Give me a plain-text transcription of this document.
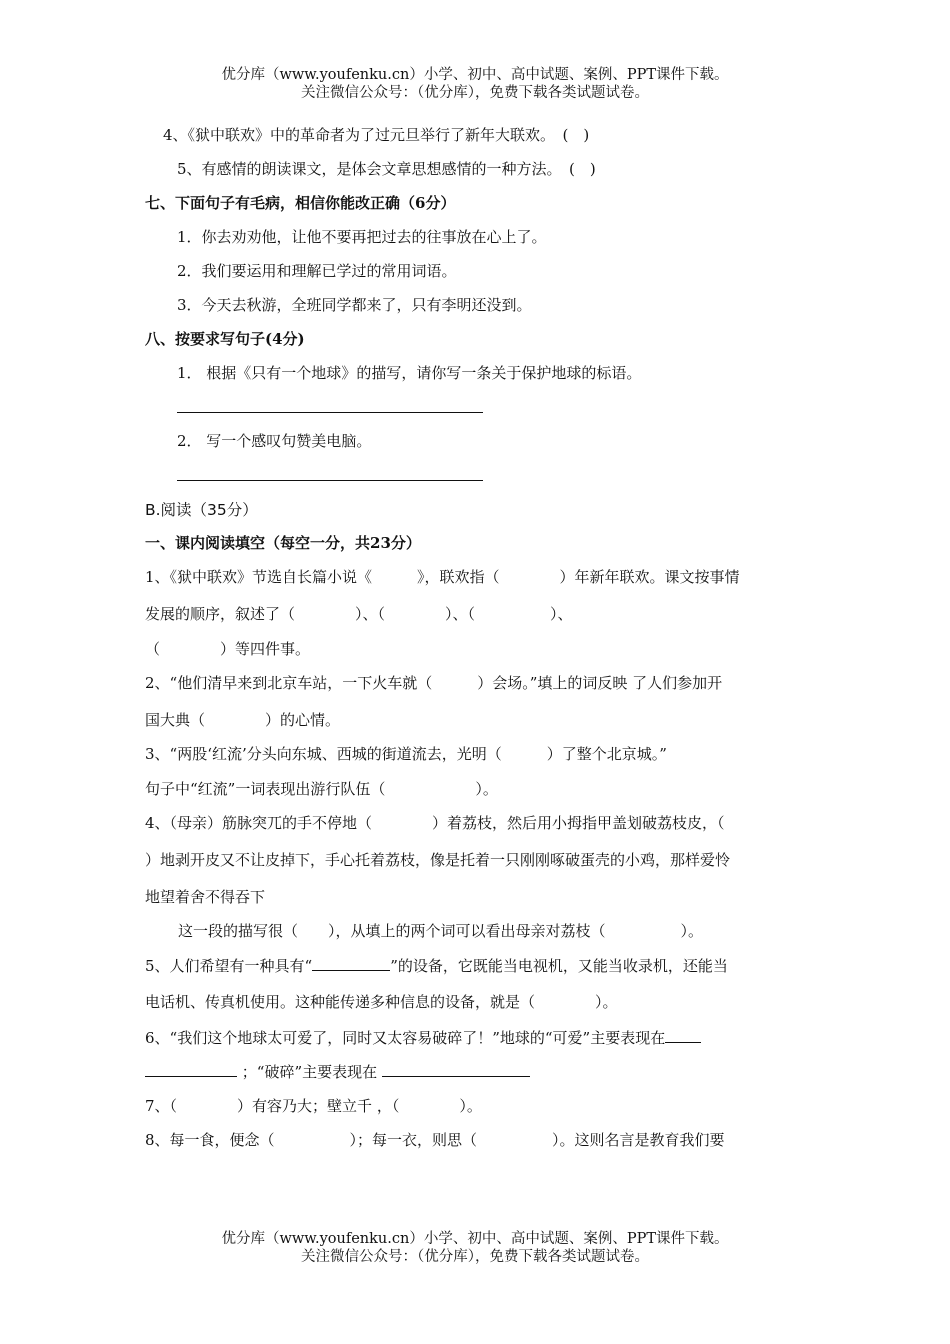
优分库（www.youfenku.cn）小学、初中、高中试题、案例、PPT课件下载。
关注微信公众号：（优分库），免费下载各类试题试卷。
4、《狱中联欢》中的革命者为了过元旦举行了新年大联欢。　(　)
5、有感情的朗读课文，是体会文章思想感情的一种方法。　(　)
七、下面句子有毛病，相信你能改正确（6分）
1．你去劝劝他，让他不要再把过去的往事放在心上了。
2．我们要运用和理解已学过的常用词语。
3．今天去秋游，全班同学都来了，只有李明还没到。
八、按要求写句子(4分)
1． 根据《只有一个地球》的描写，请你写一条关于保护地球的标语。
2． 写一个感叹句赞美电脑。
B.阅读（35分）
一、课内阅读填空（每空一分，共23分）
1、《狱中联欢》节选自长篇小说《　　　》，联欢指（　　　　）年新年联欢。课文按事情
发展的顺序，叙述了（　　　　）、（　　　　）、（　　　　　）、
（　　　　）等四件事。
2、“他们清早来到北京车站，一下火车就（　　　）会场。”填上的词反映 了人们参加开
国大典（　　　　）的心情。
3、“两股‘红流’分头向东城、西城的街道流去，光明（　　　）了整个北京城。”
句子中“红流”一词表现出游行队伍（　　　　　　）。
4、（母亲）筋脉突兀的手不停地（　　　　）着荔枝，然后用小拇指甲盖划破荔枝皮，（
）地剥开皮又不让皮掉下，手心托着荔枝，像是托着一只刚刚啄破蛋壳的小鸡，那样爱怜
地望着舍不得吞下
　这一段的描写很（　　），从填上的两个词可以看出母亲对荔枝（　　　　　）。
5、人们希望有一种具有“	”的设备，它既能当电视机，又能当收录机，还能当
电话机、传真机使用。这种能传递多种信息的设备，就是（　　　　）。
6、“我们这个地球太可爱了，同时又太容易破碎了！”地球的“可爱”主要表现在
；“破碎”主要表现在
7、（　　　　）有容乃大；壁立千 ，（　　　　）。
8、每一食，便念（　　　　　）；每一衣，则思（　　　　　）。这则名言是教育我们要
优分库（www.youfenku.cn）小学、初中、高中试题、案例、PPT课件下载。
关注微信公众号：（优分库），免费下载各类试题试卷。
